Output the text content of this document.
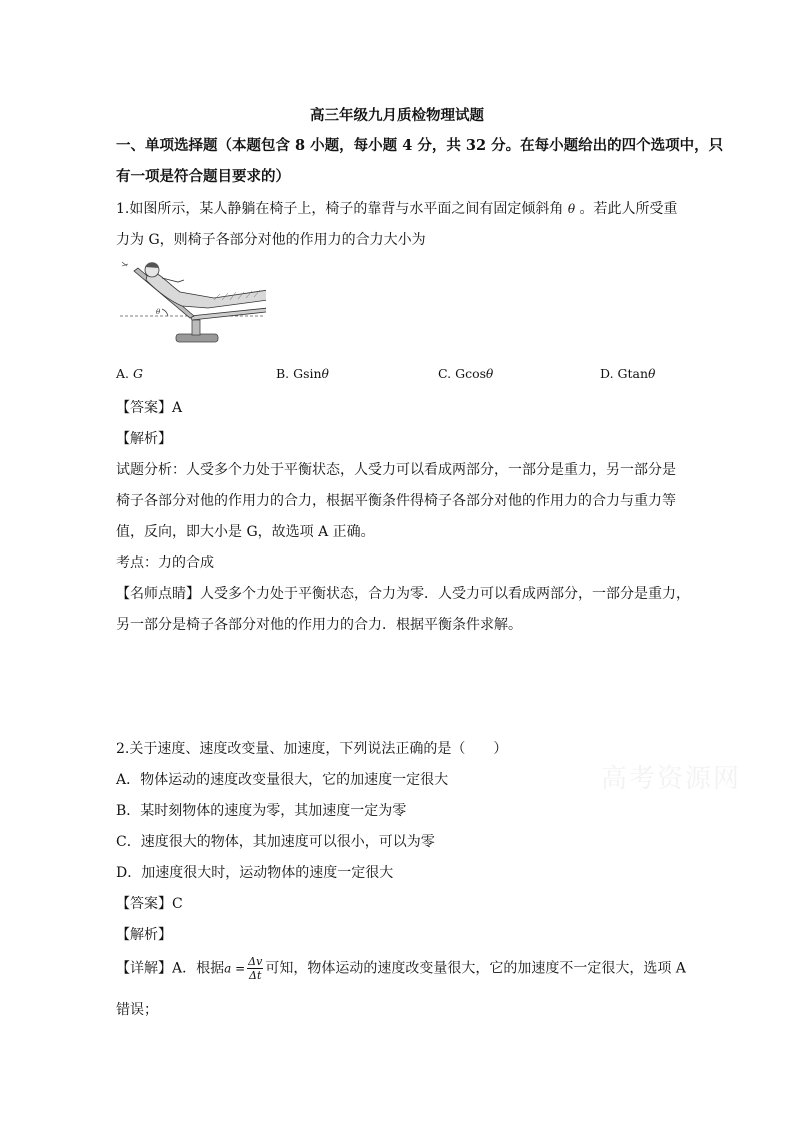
高三年级九月质检物理试题
一、单项选择题（本题包含 8 小题，每小题 4 分，共 32 分。在每小题给出的四个选项中，只
有一项是符合题目要求的）
1.如图所示，某人静躺在椅子上，椅子的靠背与水平面之间有固定倾斜角 θ 。若此人所受重
力为 G，则椅子各部分对他的作用力的合力大小为
θ
A. G	B. Gsinθ	C. Gcosθ	D. Gtanθ
【答案】A
【解析】
试题分析：人受多个力处于平衡状态，人受力可以看成两部分，一部分是重力，另一部分是
椅子各部分对他的作用力的合力，根据平衡条件得椅子各部分对他的作用力的合力与重力等
值，反向，即大小是 G，故选项 A 正确。
考点：力的合成
【名师点睛】人受多个力处于平衡状态，合力为零．人受力可以看成两部分，一部分是重力，
另一部分是椅子各部分对他的作用力的合力．根据平衡条件求解。
2.关于速度、速度改变量、加速度，下列说法正确的是（　　）
A．物体运动的速度改变量很大，它的加速度一定很大
B．某时刻物体的速度为零，其加速度一定为零
C．速度很大的物体，其加速度可以很小，可以为零
D．加速度很大时，运动物体的速度一定很大
【答案】C
【解析】
【详解】A．根据$a = \frac{\Delta v}{\Delta t}$ 可知，物体运动的速度改变量很大，它的加速度不一定很大，选项 A
错误；
高考资源网
